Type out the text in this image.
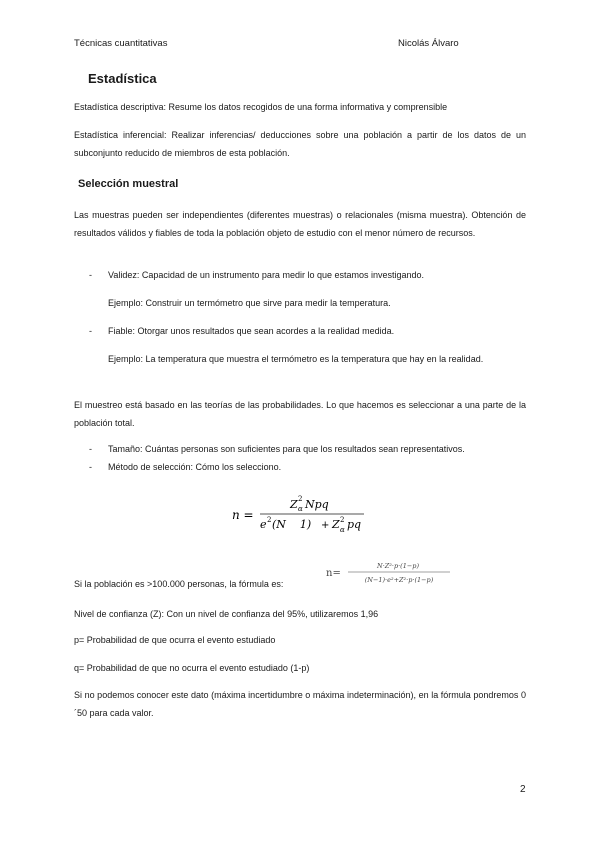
Técnicas cuantitativas	Nicolás Álvaro
Estadística

Estadística descriptiva: Resume los datos recogidos de una forma informativa y comprensible

Estadística inferencial: Realizar inferencias/ deducciones sobre una población a partir de los datos de un subconjunto reducido de miembros de esta población.

Selección muestral

Las muestras pueden ser independientes (diferentes muestras) o relacionales (misma muestra). Obtención de resultados válidos y fiables de toda la población objeto de estudio con el menor número de recursos.

- Validez: Capacidad de un instrumento para medir lo que estamos investigando.

Ejemplo: Construir un termómetro que sirve para medir la temperatura.

- Fiable: Otorgar unos resultados que sean acordes a la realidad medida.

Ejemplo: La temperatura que muestra el termómetro es la temperatura que hay en la realidad.

El muestreo está basado en las teorías de las probabilidades. Lo que hacemos es seleccionar a una parte de la población total.

- Tamaño: Cuántas personas son suficientes para que los resultados sean representativos.

- Método de selección: Cómo los selecciono.

n =
Z 2
α Npq
e 2 (N    1) + Z 2
α pq

Si la población es >100.000 personas, la fórmula es:

n=
N·Z²·p·(1−p)
(N−1)·e²+Z²·p·(1−p)

Nivel de confianza (Z): Con un nivel de confianza del 95%, utilizaremos 1,96

p= Probabilidad de que ocurra el evento estudiado

q= Probabilidad de que no ocurra el evento estudiado (1-p)

Si no podemos conocer este dato (máxima incertidumbre o máxima indeterminación), en la fórmula pondremos 0´50 para cada valor.

2
